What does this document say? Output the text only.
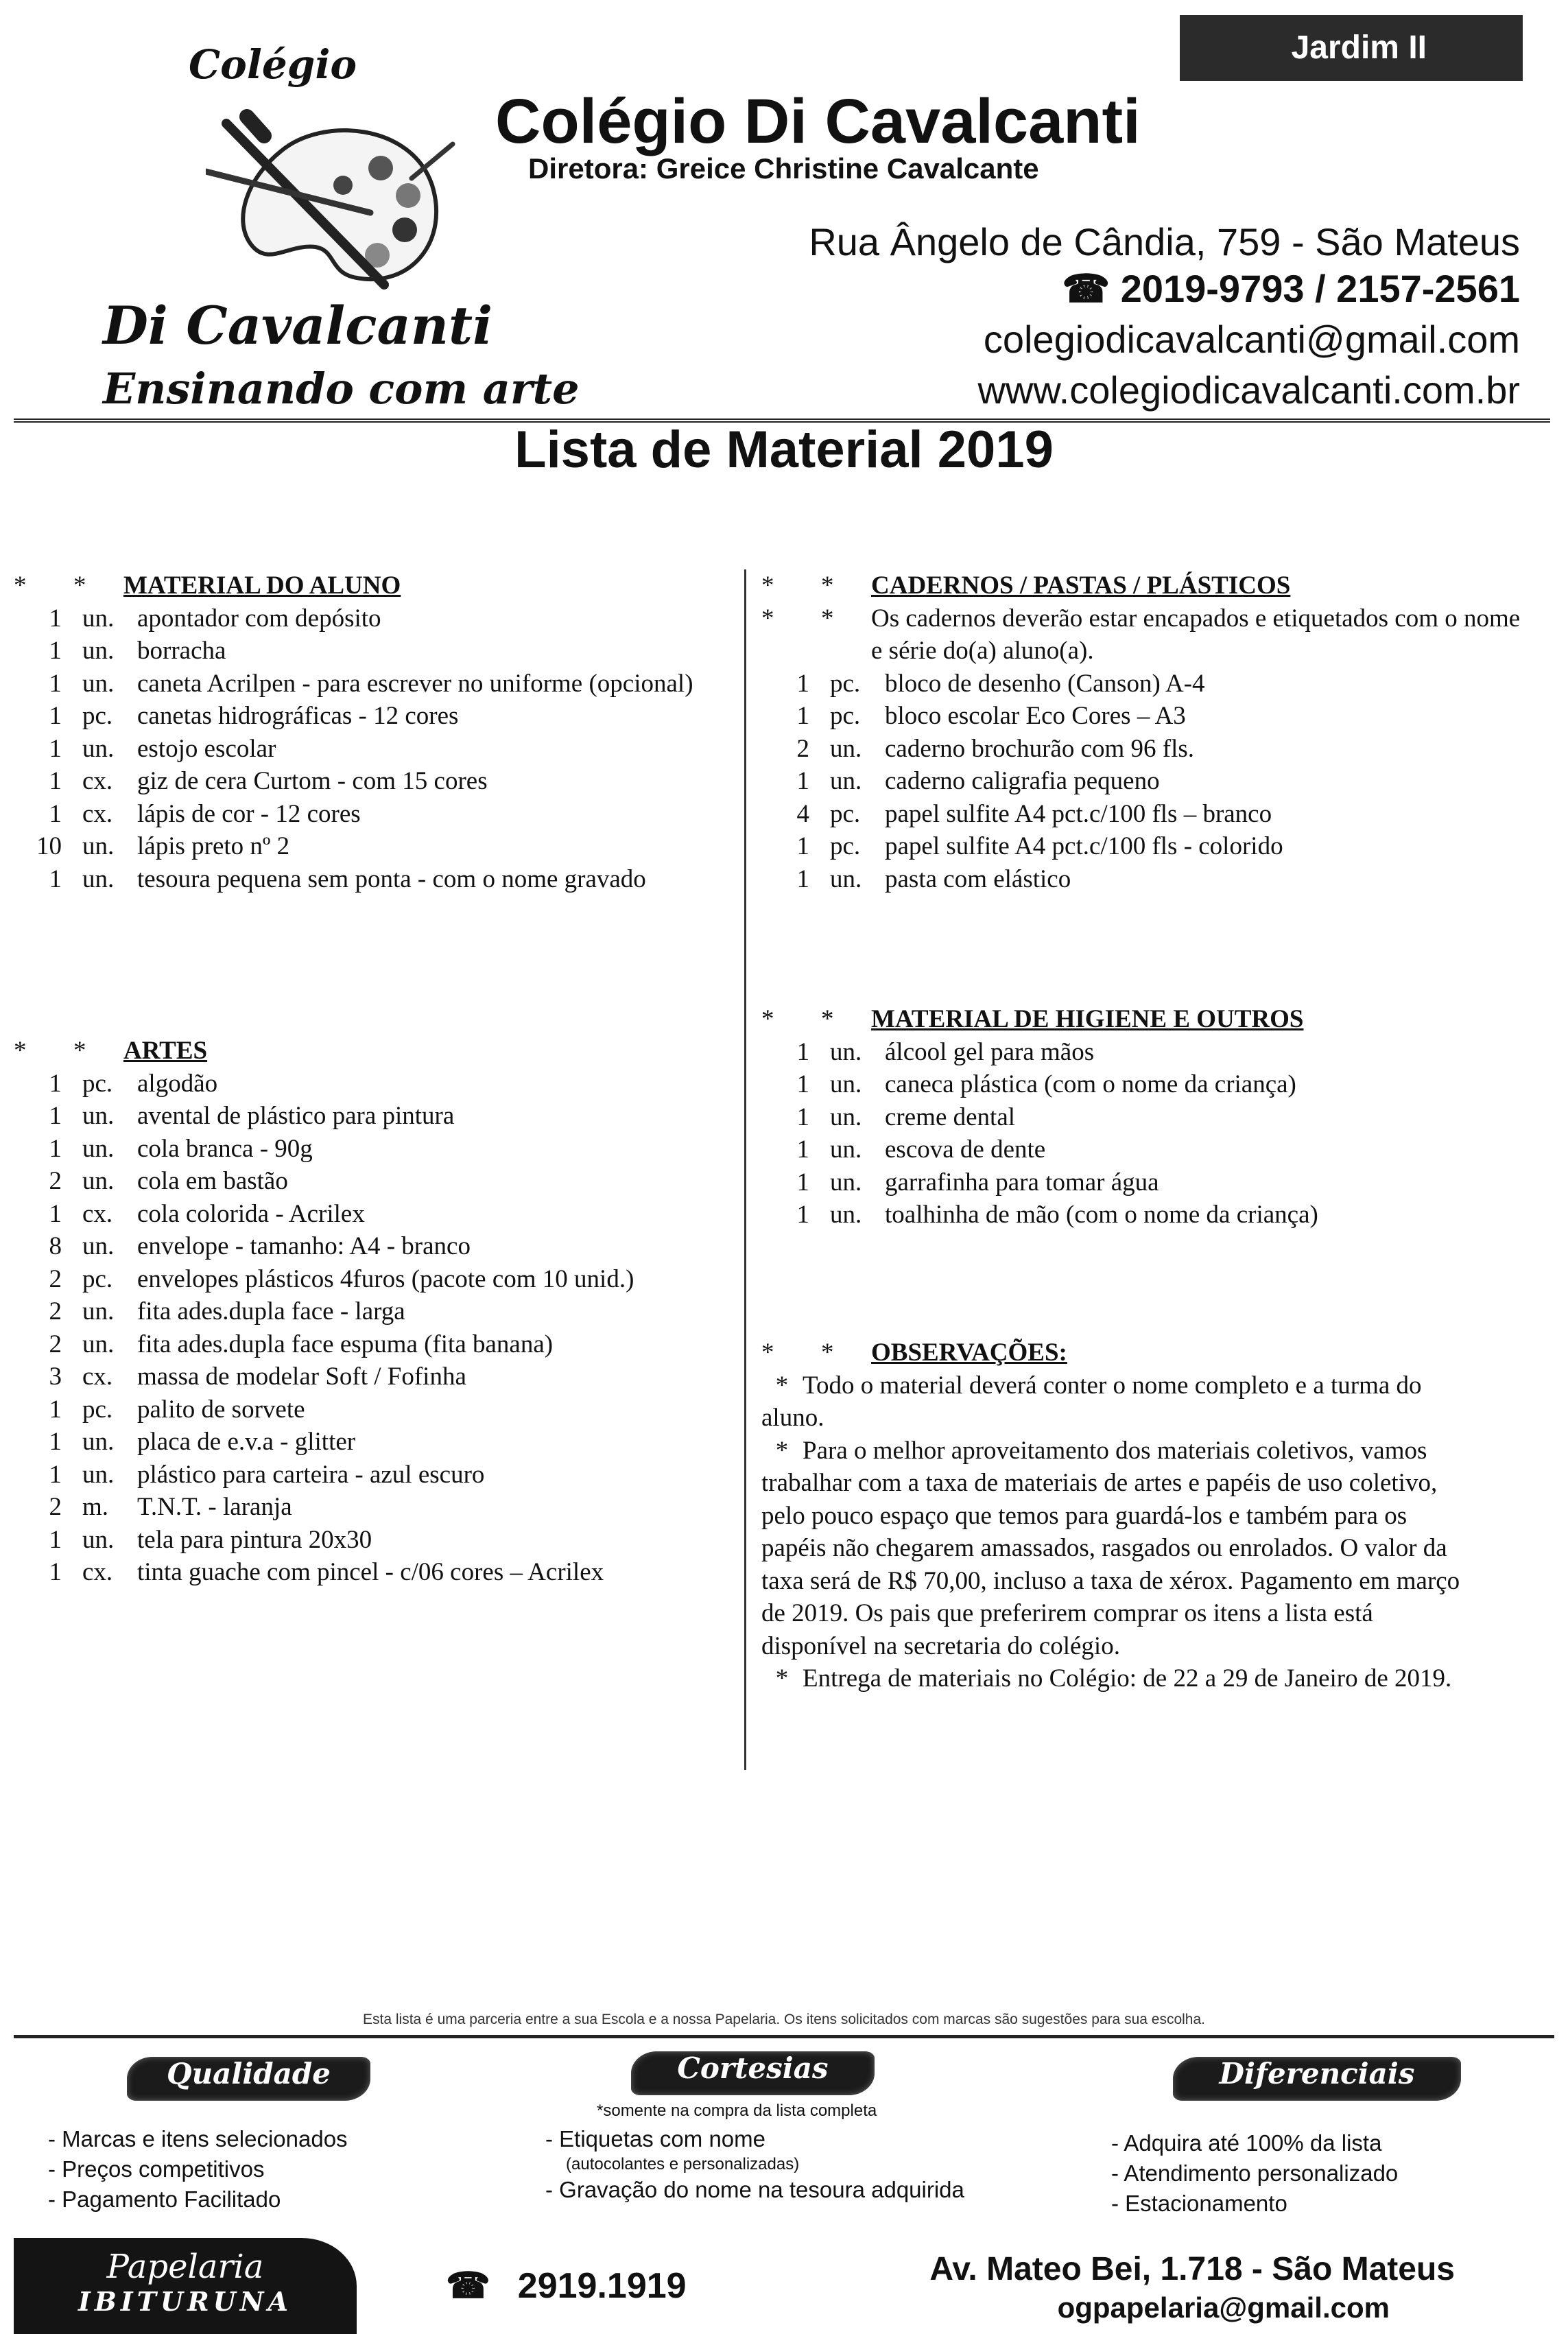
Colégio
Di Cavalcanti
Ensinando com arte
Jardim II
Colégio Di Cavalcanti
Diretora: Greice Christine Cavalcante
Rua Ângelo de Cândia, 759 - São Mateus
☎ 2019-9793 / 2157-2561
colegiodicavalcanti@gmail.com
www.colegiodicavalcanti.com.br
Lista de Material 2019
* * MATERIAL DO ALUNO
1 un. apontador com depósito
1 un. borracha
1 un. caneta Acrilpen - para escrever no uniforme (opcional)
1 pc. canetas hidrográficas - 12 cores
1 un. estojo escolar
1 cx. giz de cera Curtom - com 15 cores
1 cx. lápis de cor - 12 cores
10 un. lápis preto nº 2
1 un. tesoura pequena sem ponta - com o nome gravado
* * ARTES
1 pc. algodão
1 un. avental de plástico para pintura
1 un. cola branca - 90g
2 un. cola em bastão
1 cx. cola colorida - Acrilex
8 un. envelope - tamanho: A4 - branco
2 pc. envelopes plásticos 4furos (pacote com 10 unid.)
2 un. fita ades.dupla face - larga
2 un. fita ades.dupla face espuma (fita banana)
3 cx. massa de modelar Soft / Fofinha
1 pc. palito de sorvete
1 un. placa de e.v.a - glitter
1 un. plástico para carteira - azul escuro
2 m. T.N.T. - laranja
1 un. tela para pintura 20x30
1 cx. tinta guache com pincel - c/06 cores – Acrilex
* * CADERNOS / PASTAS / PLÁSTICOS
* * Os cadernos deverão estar encapados e etiquetados com o nome e série do(a) aluno(a).
1 pc. bloco de desenho (Canson) A-4
1 pc. bloco escolar Eco Cores – A3
2 un. caderno brochurão com 96 fls.
1 un. caderno caligrafia pequeno
4 pc. papel sulfite A4 pct.c/100 fls – branco
1 pc. papel sulfite A4 pct.c/100 fls - colorido
1 un. pasta com elástico
* * MATERIAL DE HIGIENE E OUTROS
1 un. álcool gel para mãos
1 un. caneca plástica (com o nome da criança)
1 un. creme dental
1 un. escova de dente
1 un. garrafinha para tomar água
1 un. toalhinha de mão (com o nome da criança)
* * OBSERVAÇÕES:

* Todo o material deverá conter o nome completo e a turma do aluno.

* Para o melhor aproveitamento dos materiais coletivos, vamos trabalhar com a taxa de materiais de artes e papéis de uso coletivo, pelo pouco espaço que temos para guardá-los e também para os papéis não chegarem amassados, rasgados ou enrolados. O valor da taxa será de R$ 70,00, incluso a taxa de xérox. Pagamento em março de 2019. Os pais que preferirem comprar os itens a lista está disponível na secretaria do colégio.

* Entrega de materiais no Colégio: de 22 a 29 de Janeiro de 2019.

Esta lista é uma parceria entre a sua Escola e a nossa Papelaria. Os itens solicitados com marcas são sugestões para sua escolha.
Qualidade	Cortesias	Diferenciais
*somente na compra da lista completa
- Marcas e itens selecionados
- Preços competitivos
- Pagamento Facilitado
- Etiquetas com nome
(autocolantes e personalizadas)
- Gravação do nome na tesoura adquirida
- Adquira até 100% da lista
- Atendimento personalizado
- Estacionamento
Papelaria
IBITURUNA	☎ 2919.1919	Av. Mateo Bei, 1.718 - São Mateus
ogpapelaria@gmail.com
